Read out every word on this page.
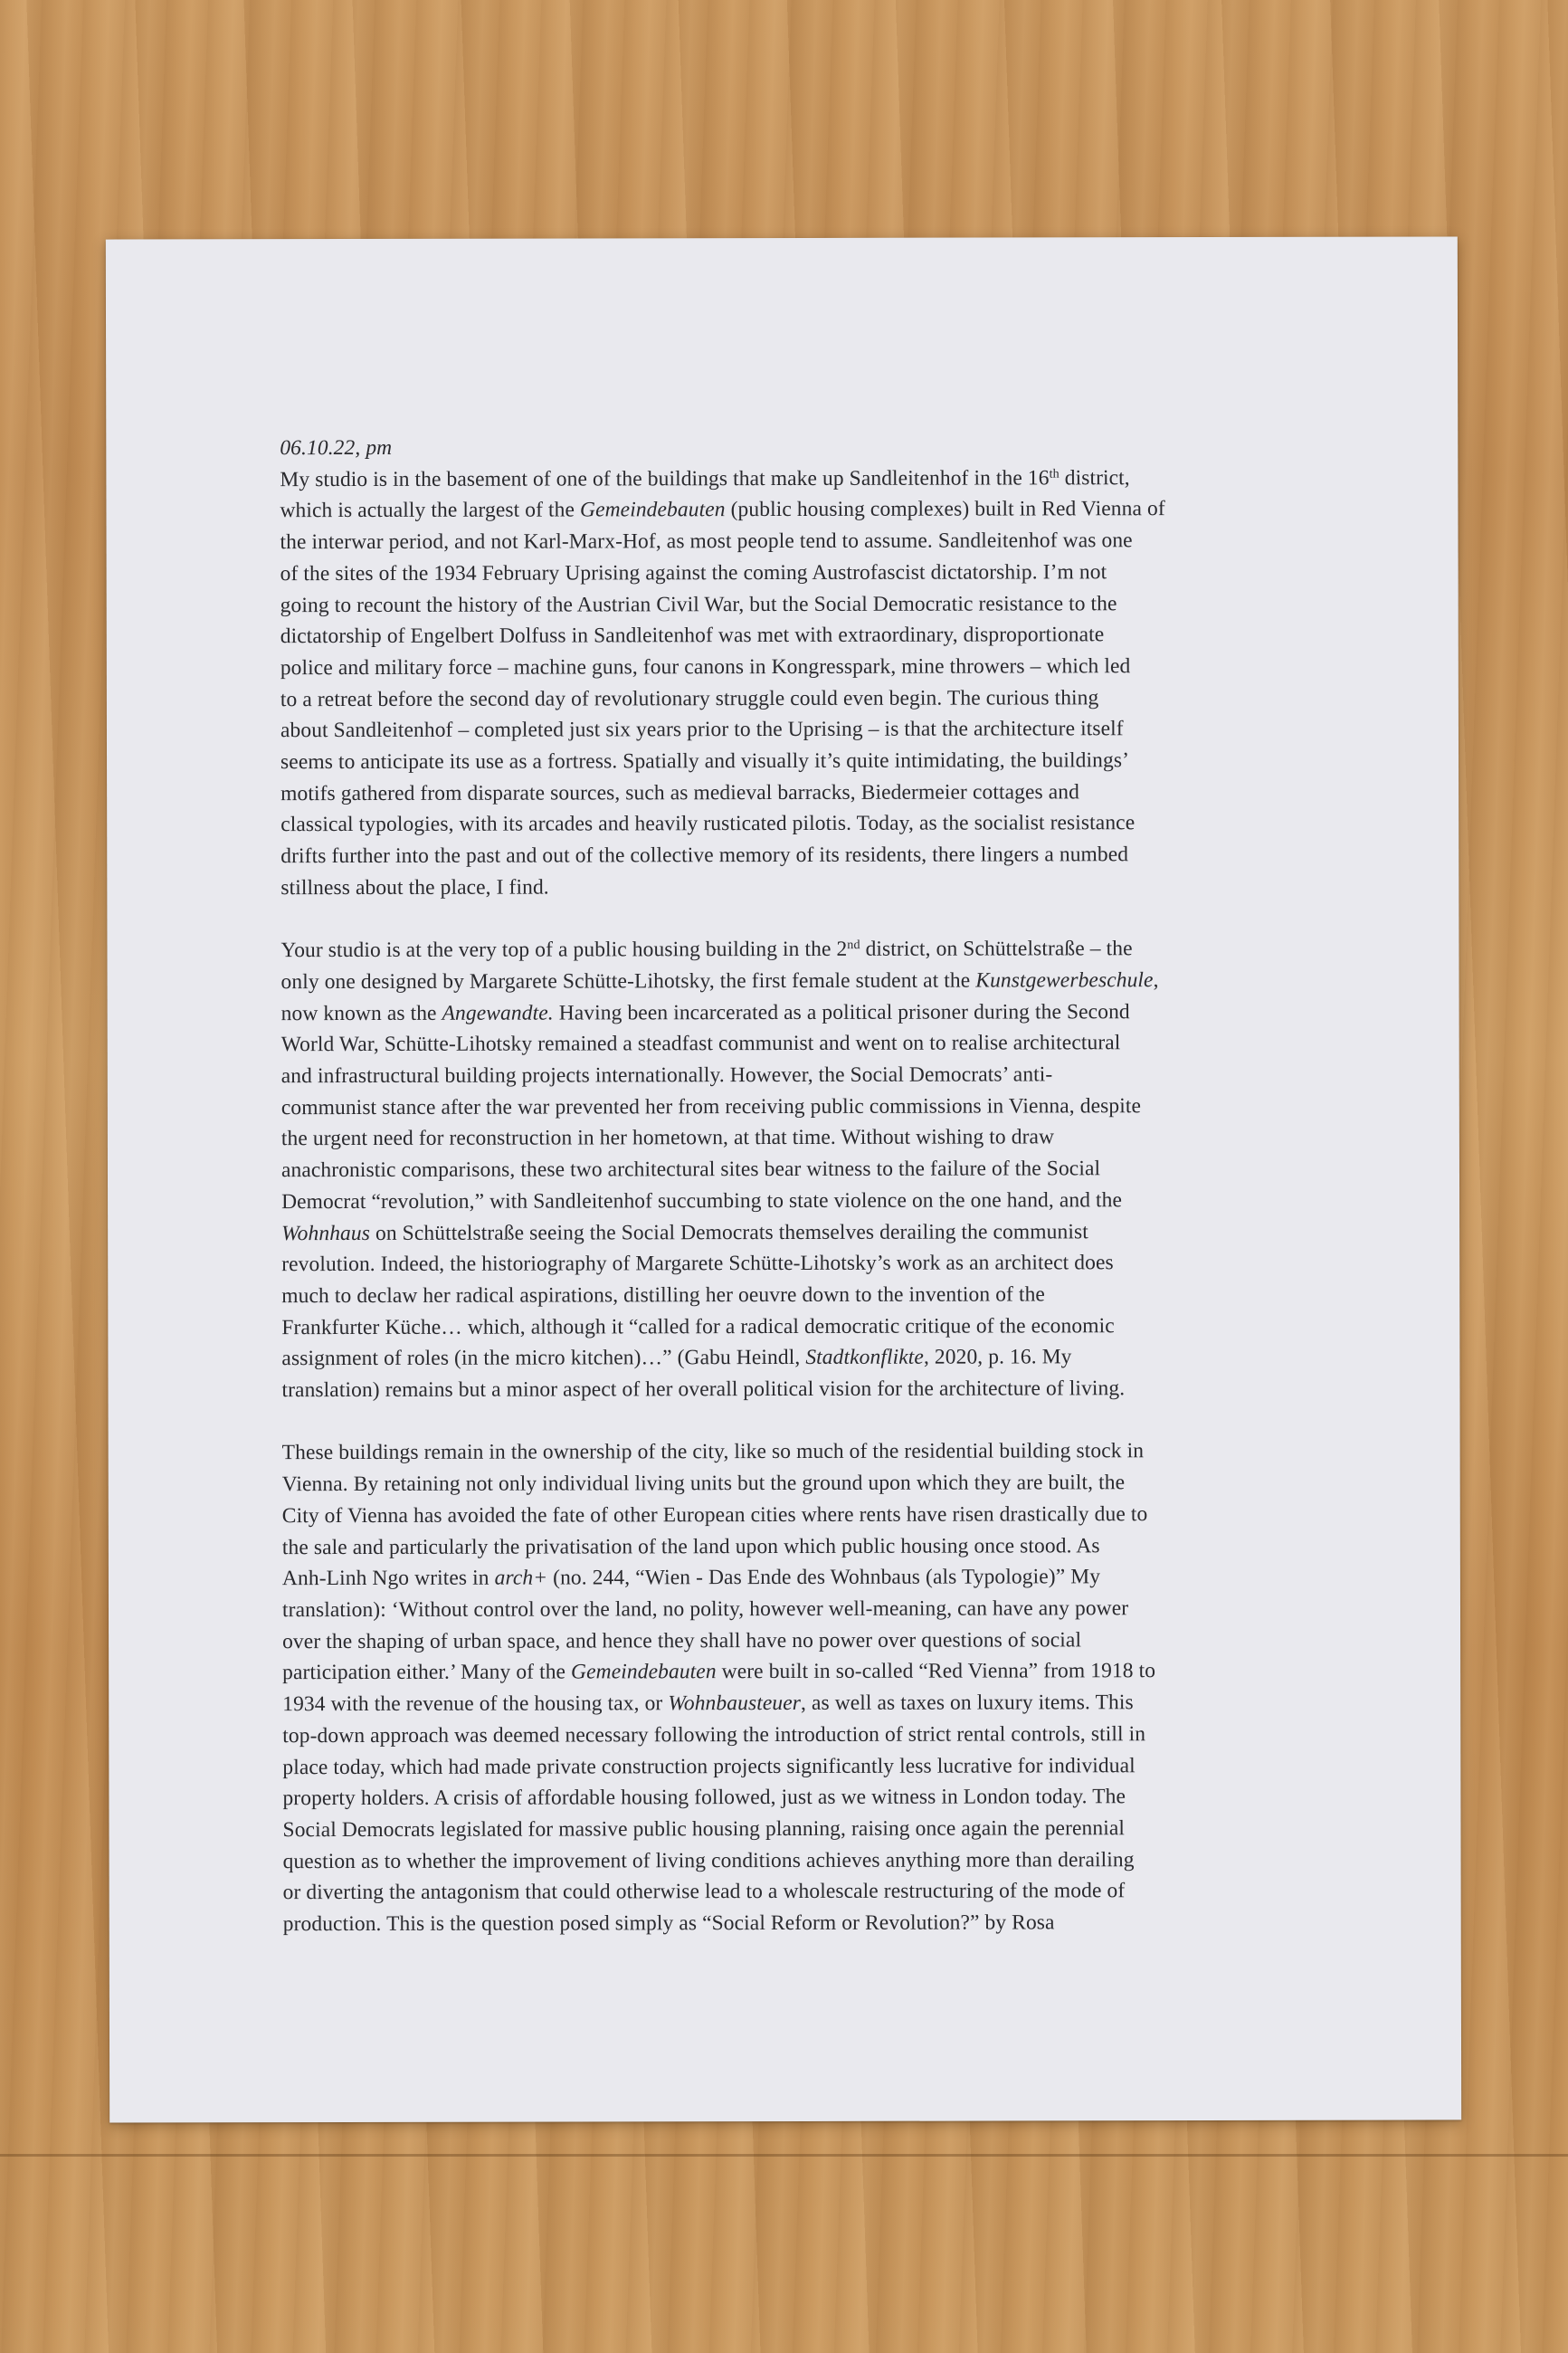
06.10.22, pm

My studio is in the basement of one of the buildings that make up Sandleitenhof in the 16th district,
which is actually the largest of the Gemeindebauten (public housing complexes) built in Red Vienna of
the interwar period, and not Karl-Marx-Hof, as most people tend to assume. Sandleitenhof was one
of the sites of the 1934 February Uprising against the coming Austrofascist dictatorship. I’m not
going to recount the history of the Austrian Civil War, but the Social Democratic resistance to the
dictatorship of Engelbert Dolfuss in Sandleitenhof was met with extraordinary, disproportionate
police and military force – machine guns, four canons in Kongresspark, mine throwers – which led
to a retreat before the second day of revolutionary struggle could even begin. The curious thing
about Sandleitenhof – completed just six years prior to the Uprising – is that the architecture itself
seems to anticipate its use as a fortress. Spatially and visually it’s quite intimidating, the buildings’
motifs gathered from disparate sources, such as medieval barracks, Biedermeier cottages and
classical typologies, with its arcades and heavily rusticated pilotis. Today, as the socialist resistance
drifts further into the past and out of the collective memory of its residents, there lingers a numbed
stillness about the place, I find.

Your studio is at the very top of a public housing building in the 2nd district, on Schüttelstraße – the
only one designed by Margarete Schütte-Lihotsky, the first female student at the Kunstgewerbeschule,
now known as the Angewandte. Having been incarcerated as a political prisoner during the Second
World War, Schütte-Lihotsky remained a steadfast communist and went on to realise architectural
and infrastructural building projects internationally. However, the Social Democrats’ anti-
communist stance after the war prevented her from receiving public commissions in Vienna, despite
the urgent need for reconstruction in her hometown, at that time. Without wishing to draw
anachronistic comparisons, these two architectural sites bear witness to the failure of the Social
Democrat “revolution,” with Sandleitenhof succumbing to state violence on the one hand, and the
Wohnhaus on Schüttelstraße seeing the Social Democrats themselves derailing the communist
revolution. Indeed, the historiography of Margarete Schütte-Lihotsky’s work as an architect does
much to declaw her radical aspirations, distilling her oeuvre down to the invention of the
Frankfurter Küche… which, although it “called for a radical democratic critique of the economic
assignment of roles (in the micro kitchen)…” (Gabu Heindl, Stadtkonflikte, 2020, p. 16. My
translation) remains but a minor aspect of her overall political vision for the architecture of living.

These buildings remain in the ownership of the city, like so much of the residential building stock in
Vienna. By retaining not only individual living units but the ground upon which they are built, the
City of Vienna has avoided the fate of other European cities where rents have risen drastically due to
the sale and particularly the privatisation of the land upon which public housing once stood. As
Anh-Linh Ngo writes in arch+ (no. 244, “Wien - Das Ende des Wohnbaus (als Typologie)” My
translation): ‘Without control over the land, no polity, however well-meaning, can have any power
over the shaping of urban space, and hence they shall have no power over questions of social
participation either.’ Many of the Gemeindebauten were built in so-called “Red Vienna” from 1918 to
1934 with the revenue of the housing tax, or Wohnbausteuer, as well as taxes on luxury items. This
top-down approach was deemed necessary following the introduction of strict rental controls, still in
place today, which had made private construction projects significantly less lucrative for individual
property holders. A crisis of affordable housing followed, just as we witness in London today. The
Social Democrats legislated for massive public housing planning, raising once again the perennial
question as to whether the improvement of living conditions achieves anything more than derailing
or diverting the antagonism that could otherwise lead to a wholescale restructuring of the mode of
production. This is the question posed simply as “Social Reform or Revolution?” by Rosa
